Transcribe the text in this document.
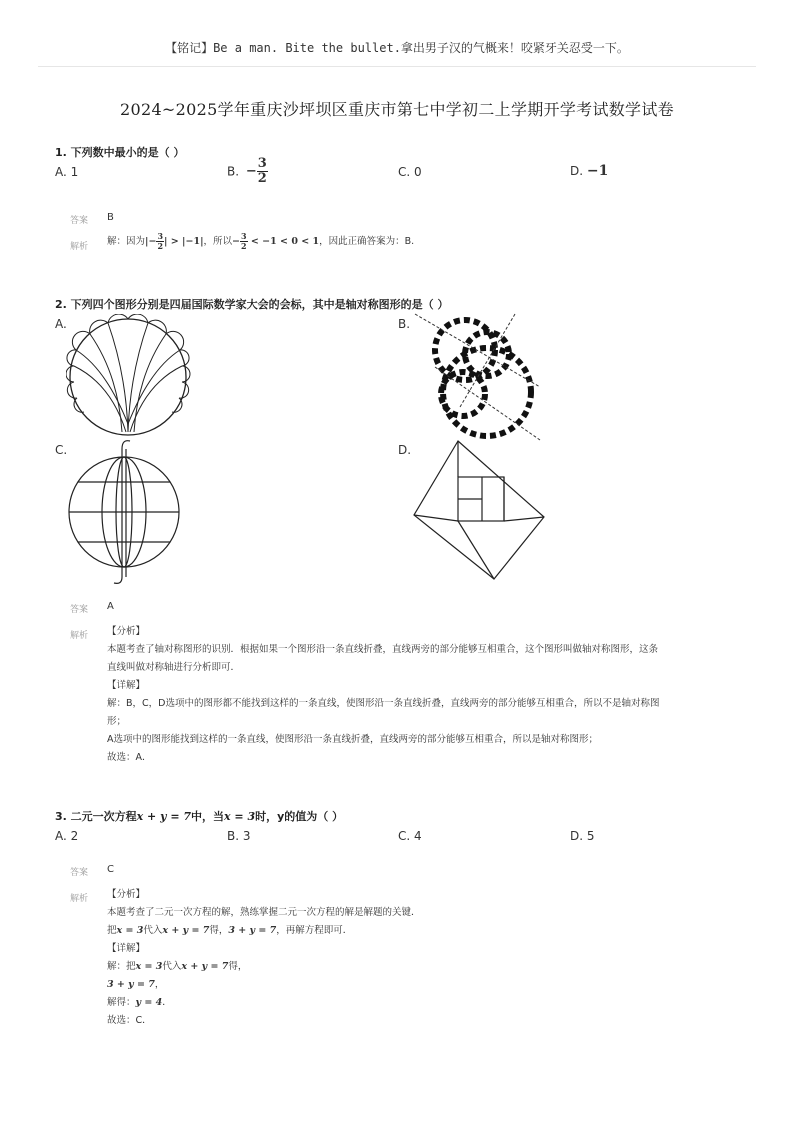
【铭记】Be a man. Bite the bullet.拿出男子汉的气概来！咬紧牙关忍受一下。
2024~2025学年重庆沙坪坝区重庆市第七中学初二上学期开学考试数学试卷
1. 下列数中最小的是（ ）
A. 1	B. − $\frac{3}{2}$	C. 0	D. −1
答案 B
解析
解：因为|− $\frac{3}{2}$ | > |−1|，所以− $\frac{3}{2} < -1 < 0 < 1$，因此正确答案为：B.
2. 下列四个图形分别是四届国际数学家大会的会标，其中是轴对称图形的是（ ）
A.	B.
C.	D.
答案 A
解析 【分析】
本题考查了轴对称图形的识别．根据如果一个图形沿一条直线折叠，直线两旁的部分能够互相重合，这个图形叫做轴对称图形，这条
直线叫做对称轴进行分析即可．
【详解】
解：B，C，D选项中的图形都不能找到这样的一条直线，使图形沿一条直线折叠，直线两旁的部分能够互相重合，所以不是轴对称图
形；
A选项中的图形能找到这样的一条直线，使图形沿一条直线折叠，直线两旁的部分能够互相重合，所以是轴对称图形；
故选：A．
3. 二元一次方程x + y = 7中，当x = 3时，y的值为（ ）
A. 2	B. 3	C. 4	D. 5
答案 C
解析 【分析】
本题考查了二元一次方程的解，熟练掌握二元一次方程的解是解题的关键．
把x = 3代入x + y = 7得，3 + y = 7，再解方程即可．
【详解】
解：把x = 3代入x + y = 7得，
3 + y = 7，
解得：y = 4．
故选：C．
